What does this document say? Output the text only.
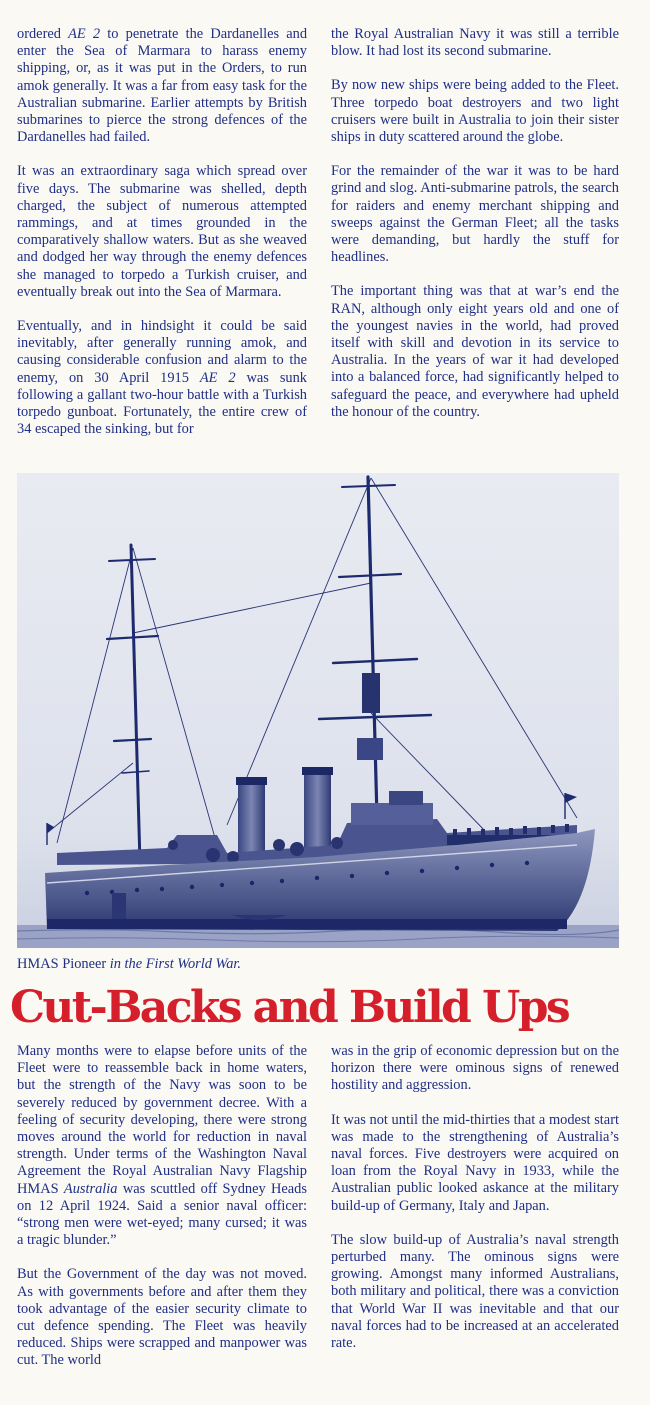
ordered AE 2 to penetrate the Dardanelles and enter the Sea of Marmara to harass enemy shipping, or, as it was put in the Orders, to run amok generally. It was a far from easy task for the Australian submarine. Earlier attempts by British submarines to pierce the strong defences of the Dardanelles had failed.

It was an extraordinary saga which spread over five days. The submarine was shelled, depth charged, the subject of numerous attempted rammings, and at times grounded in the comparatively shallow waters. But as she weaved and dodged her way through the enemy defences she managed to torpedo a Turkish cruiser, and eventually break out into the Sea of Marmara.

Eventually, and in hindsight it could be said inevitably, after generally running amok, and causing considerable confusion and alarm to the enemy, on 30 April 1915 AE 2 was sunk following a gallant two-hour battle with a Turkish torpedo gunboat. Fortunately, the entire crew of 34 escaped the sinking, but for

the Royal Australian Navy it was still a terrible blow. It had lost its second submarine.

By now new ships were being added to the Fleet. Three torpedo boat destroyers and two light cruisers were built in Australia to join their sister ships in duty scattered around the globe.

For the remainder of the war it was to be hard grind and slog. Anti-submarine patrols, the search for raiders and enemy merchant shipping and sweeps against the German Fleet; all the tasks were demanding, but hardly the stuff for headlines.

The important thing was that at war’s end the RAN, although only eight years old and one of the youngest navies in the world, had proved itself with skill and devotion in its service to Australia. In the years of war it had developed into a balanced force, had significantly helped to safeguard the peace, and everywhere had upheld the honour of the country.

HMAS Pioneer in the First World War.
Cut-Backs and Build Ups

Many months were to elapse before units of the Fleet were to reassemble back in home waters, but the strength of the Navy was soon to be severely reduced by government decree. With a feeling of security developing, there were strong moves around the world for reduction in naval strength. Under terms of the Washington Naval Agreement the Royal Australian Navy Flagship HMAS Australia was scuttled off Sydney Heads on 12 April 1924. Said a senior naval officer: “strong men were wet-eyed; many cursed; it was a tragic blunder.”

But the Government of the day was not moved. As with governments before and after them they took advantage of the easier security climate to cut defence spending. The Fleet was heavily reduced. Ships were scrapped and manpower was cut. The world

was in the grip of economic depression but on the horizon there were ominous signs of renewed hostility and aggression.

It was not until the mid-thirties that a modest start was made to the strengthening of Australia’s naval forces. Five destroyers were acquired on loan from the Royal Navy in 1933, while the Australian public looked askance at the military build-up of Germany, Italy and Japan.

The slow build-up of Australia’s naval strength perturbed many. The ominous signs were growing. Amongst many informed Australians, both military and political, there was a conviction that World War II was inevitable and that our naval forces had to be increased at an accelerated rate.
